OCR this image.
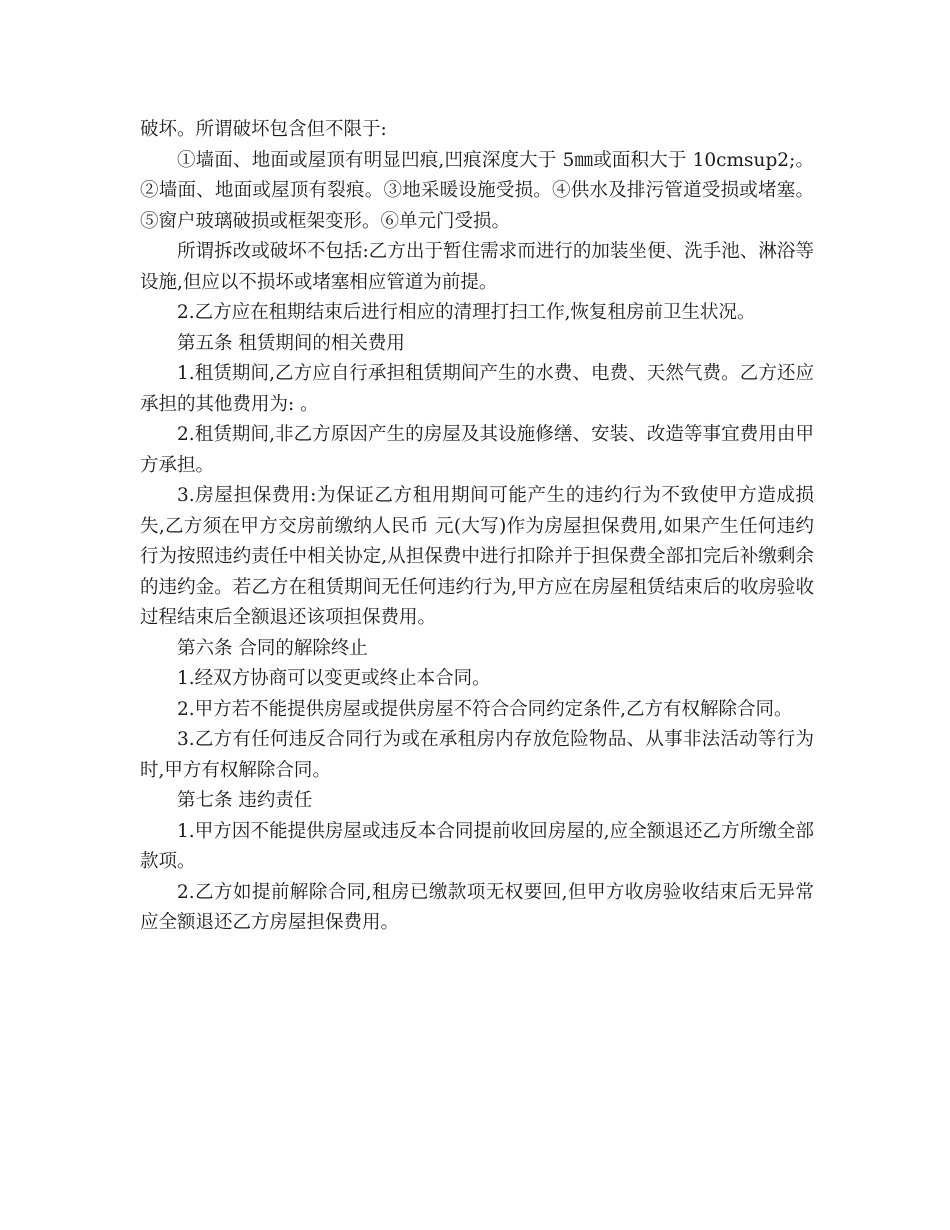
破坏。所谓破坏包含但不限于:

①墙面、地面或屋顶有明显凹痕,凹痕深度大于 5㎜或面积大于 10cmsup2;。②墙面、地面或屋顶有裂痕。③地采暖设施受损。④供水及排污管道受损或堵塞。⑤窗户玻璃破损或框架变形。⑥单元门受损。

所谓拆改或破坏不包括:乙方出于暂住需求而进行的加装坐便、洗手池、淋浴等设施,但应以不损坏或堵塞相应管道为前提。

2.乙方应在租期结束后进行相应的清理打扫工作,恢复租房前卫生状况。

第五条 租赁期间的相关费用

1.租赁期间,乙方应自行承担租赁期间产生的水费、电费、天然气费。乙方还应承担的其他费用为: 。

2.租赁期间,非乙方原因产生的房屋及其设施修缮、安装、改造等事宜费用由甲方承担。

3.房屋担保费用:为保证乙方租用期间可能产生的违约行为不致使甲方造成损失,乙方须在甲方交房前缴纳人民币 元(大写)作为房屋担保费用,如果产生任何违约行为按照违约责任中相关协定,从担保费中进行扣除并于担保费全部扣完后补缴剩余的违约金。若乙方在租赁期间无任何违约行为,甲方应在房屋租赁结束后的收房验收过程结束后全额退还该项担保费用。

第六条 合同的解除终止

1.经双方协商可以变更或终止本合同。

2.甲方若不能提供房屋或提供房屋不符合合同约定条件,乙方有权解除合同。

3.乙方有任何违反合同行为或在承租房内存放危险物品、从事非法活动等行为时,甲方有权解除合同。

第七条 违约责任

1.甲方因不能提供房屋或违反本合同提前收回房屋的,应全额退还乙方所缴全部款项。

2.乙方如提前解除合同,租房已缴款项无权要回,但甲方收房验收结束后无异常应全额退还乙方房屋担保费用。
